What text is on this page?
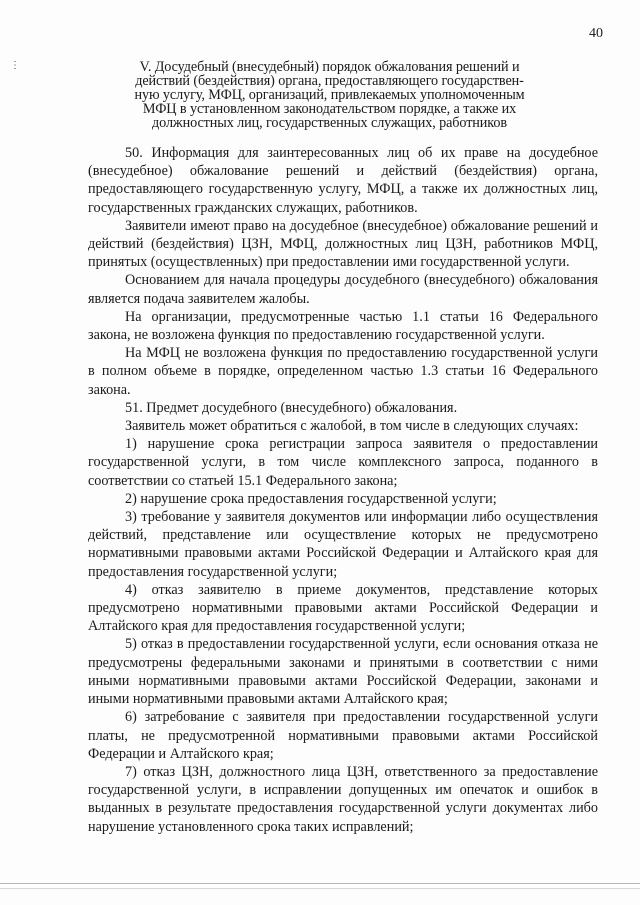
40
⋮	V. Досудебный (внесудебный) порядок обжалования решений и
действий (бездействия) органа, предоставляющего государствен-
ную услугу, МФЦ, организаций, привлекаемых уполномоченным
МФЦ в установленном законодательством порядке, а также их
должностных лиц, государственных служащих, работников

50. Информация для заинтересованных лиц об их праве на досудебное (внесудебное) обжалование решений и действий (бездействия) органа, предоставляющего государственную услугу, МФЦ, а также их должностных лиц, государственных гражданских служащих, работников.

Заявители имеют право на досудебное (внесудебное) обжалование решений и действий (бездействия) ЦЗН, МФЦ, должностных лиц ЦЗН, работников МФЦ, принятых (осуществленных) при предоставлении ими государственной услуги.

Основанием для начала процедуры досудебного (внесудебного) обжалования является подача заявителем жалобы.

На организации, предусмотренные частью 1.1 статьи 16 Федерального закона, не возложена функция по предоставлению государственной услуги.

На МФЦ не возложена функция по предоставлению государственной услуги в полном объеме в порядке, определенном частью 1.3 статьи 16 Федерального закона.

51. Предмет досудебного (внесудебного) обжалования.

Заявитель может обратиться с жалобой, в том числе в следующих случаях:

1) нарушение срока регистрации запроса заявителя о предоставлении государственной услуги, в том числе комплексного запроса, поданного в соответствии со статьей 15.1 Федерального закона;

2) нарушение срока предоставления государственной услуги;

3) требование у заявителя документов или информации либо осуществления действий, представление или осуществление которых не предусмотрено нормативными правовыми актами Российской Федерации и Алтайского края для предоставления государственной услуги;

4) отказ заявителю в приеме документов, представление которых предусмотрено нормативными правовыми актами Российской Федерации и Алтайского края для предоставления государственной услуги;

5) отказ в предоставлении государственной услуги, если основания отказа не предусмотрены федеральными законами и принятыми в соответствии с ними иными нормативными правовыми актами Российской Федерации, законами и иными нормативными правовыми актами Алтайского края;

6) затребование с заявителя при предоставлении государственной услуги платы, не предусмотренной нормативными правовыми актами Российской Федерации и Алтайского края;

7) отказ ЦЗН, должностного лица ЦЗН, ответственного за предоставление государственной услуги, в исправлении допущенных им опечаток и ошибок в выданных в результате предоставления государственной услуги документах либо нарушение установленного срока таких исправлений;
